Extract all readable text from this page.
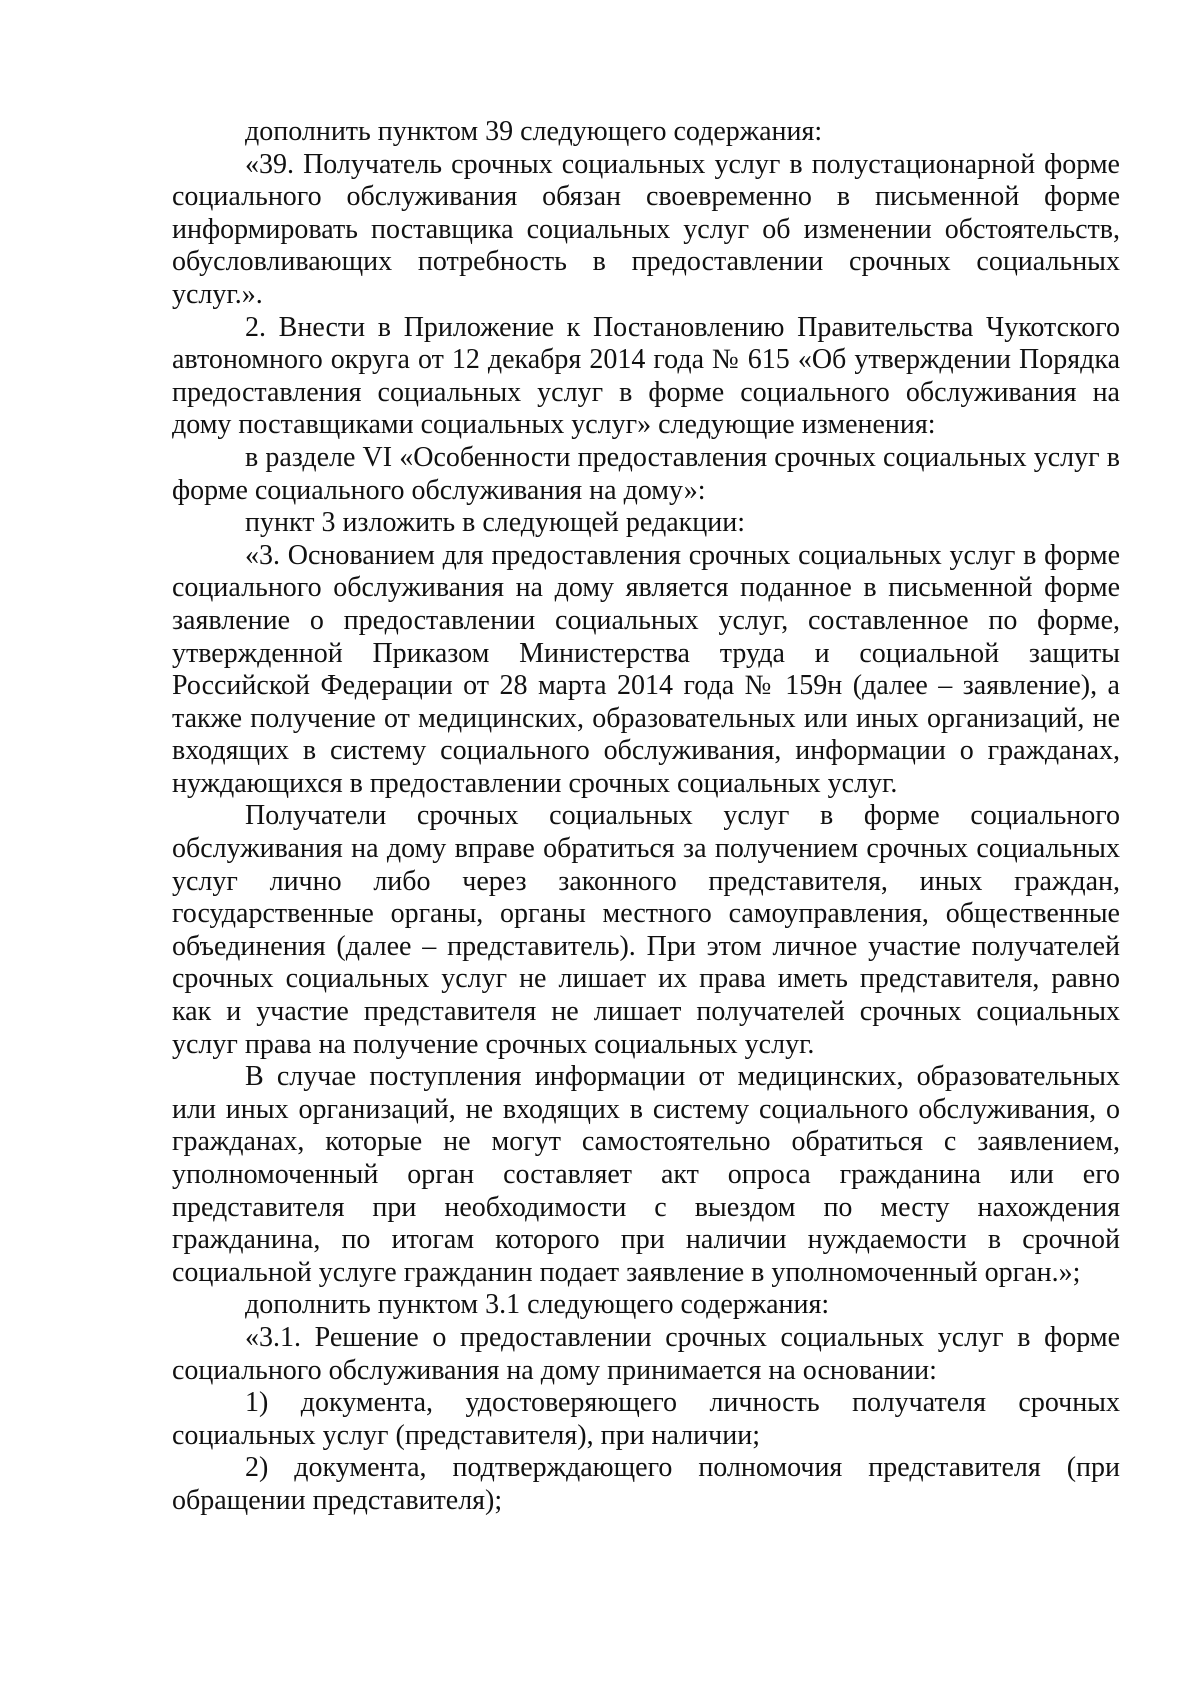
дополнить пунктом 39 следующего содержания:

«39. Получатель срочных социальных услуг в полустационарной форме социального обслуживания обязан своевременно в письменной форме информировать поставщика социальных услуг об изменении обстоятельств, обусловливающих потребность в предоставлении срочных социальных услуг.».

2. Внести в Приложение к Постановлению Правительства Чукотского автономного округа от 12 декабря 2014 года № 615 «Об утверждении Порядка предоставления социальных услуг в форме социального обслуживания на дому поставщиками социальных услуг» следующие изменения:

в разделе VI «Особенности предоставления срочных социальных услуг в форме социального обслуживания на дому»:

пункт 3 изложить в следующей редакции:

«3. Основанием для предоставления срочных социальных услуг в форме социального обслуживания на дому является поданное в письменной форме заявление о предоставлении социальных услуг, составленное по форме, утвержденной Приказом Министерства труда и социальной защиты Российской Федерации от 28 марта 2014 года № 159н (далее – заявление), а также получение от медицинских, образовательных или иных организаций, не входящих в систему социального обслуживания, информации о гражданах, нуждающихся в предоставлении срочных социальных услуг.

Получатели срочных социальных услуг в форме социального обслуживания на дому вправе обратиться за получением срочных социальных услуг лично либо через законного представителя, иных граждан, государственные органы, органы местного самоуправления, общественные объединения (далее – представитель). При этом личное участие получателей срочных социальных услуг не лишает их права иметь представителя, равно как и участие представителя не лишает получателей срочных социальных услуг права на получение срочных социальных услуг.

В случае поступления информации от медицинских, образовательных или иных организаций, не входящих в систему социального обслуживания, о гражданах, которые не могут самостоятельно обратиться с заявлением, уполномоченный орган составляет акт опроса гражданина или его представителя при необходимости с выездом по месту нахождения гражданина, по итогам которого при наличии нуждаемости в срочной социальной услуге гражданин подает заявление в уполномоченный орган.»;

дополнить пунктом 3.1 следующего содержания:

«3.1. Решение о предоставлении срочных социальных услуг в форме социального обслуживания на дому принимается на основании:

1) документа, удостоверяющего личность получателя срочных социальных услуг (представителя), при наличии;

2) документа, подтверждающего полномочия представителя (при обращении представителя);
